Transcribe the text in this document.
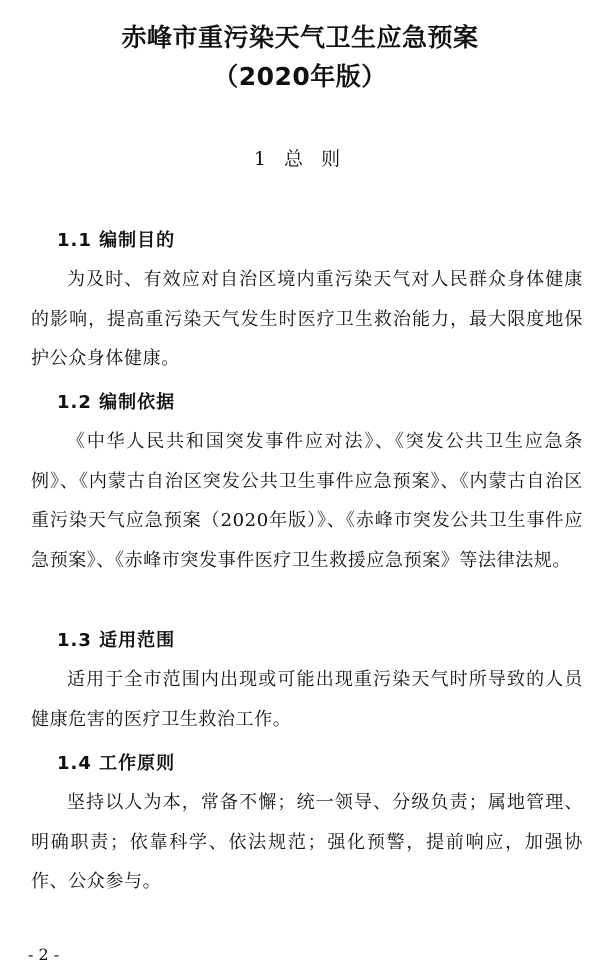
赤峰市重污染天气卫生应急预案
（2020年版）
1 总 则
1.1 编制目的
为及时、有效应对自治区境内重污染天气对人民群众身体健康的影响，提高重污染天气发生时医疗卫生救治能力，最大限度地保护公众身体健康。
1.2 编制依据
《中华人民共和国突发事件应对法》、《突发公共卫生应急条例》、《内蒙古自治区突发公共卫生事件应急预案》、《内蒙古自治区重污染天气应急预案（2020年版）》、《赤峰市突发公共卫生事件应急预案》、《赤峰市突发事件医疗卫生救援应急预案》等法律法规。
1.3 适用范围
适用于全市范围内出现或可能出现重污染天气时所导致的人员健康危害的医疗卫生救治工作。
1.4 工作原则
坚持以人为本，常备不懈；统一领导、分级负责；属地管理、明确职责；依靠科学、依法规范；强化预警，提前响应，加强协作、公众参与。
- 2 -
